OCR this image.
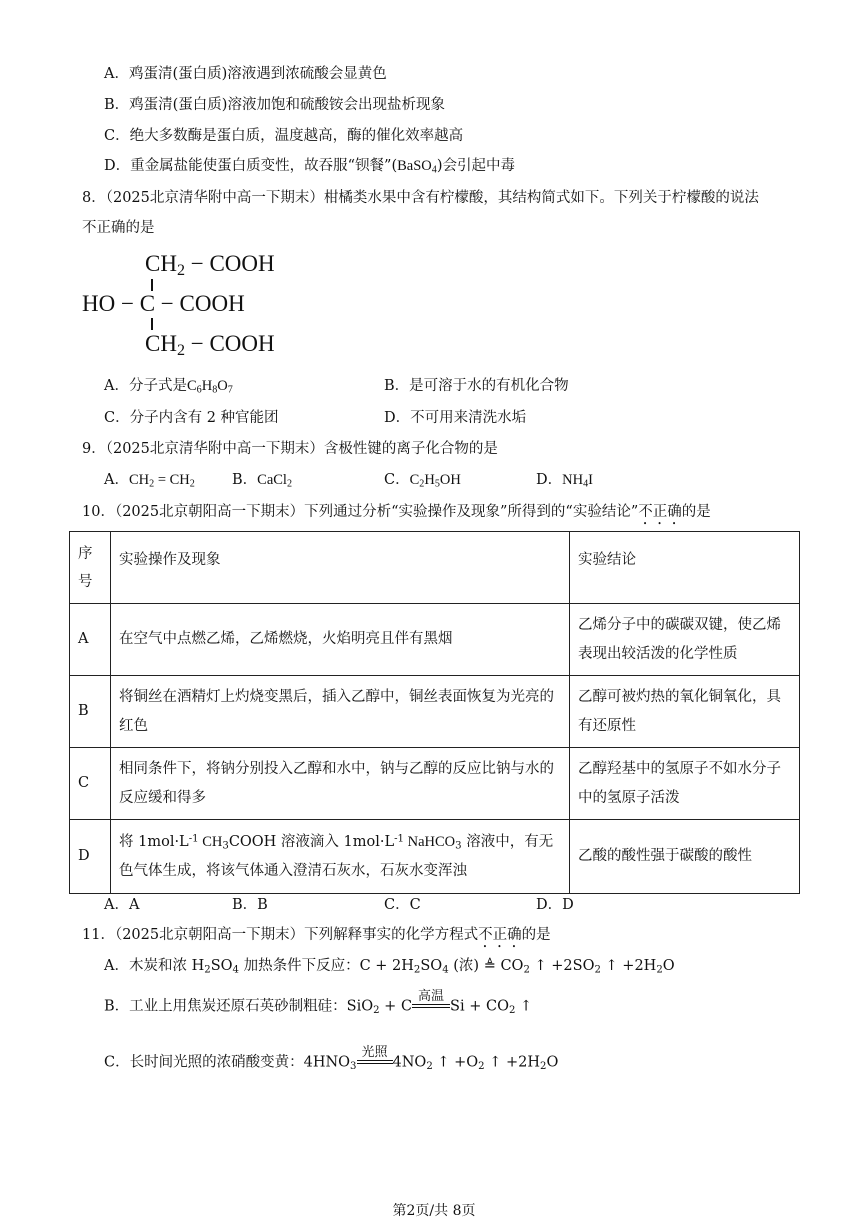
A．鸡蛋清(蛋白质)溶液遇到浓硫酸会显黄色
B．鸡蛋清(蛋白质)溶液加饱和硫酸铵会出现盐析现象
C．绝大多数酶是蛋白质，温度越高，酶的催化效率越高
D．重金属盐能使蛋白质变性，故吞服“钡餐”(BaSO$_4$)会引起中毒
8．（2025北京清华附中高一下期末）柑橘类水果中含有柠檬酸，其结构简式如下。下列关于柠檬酸的说法
不正确的是
$CH_2$ − COOH
HO − C − COOH
$CH_2$ − COOH
A．分子式是$C_6H_8O_7$	B．是可溶于水的有机化合物
C．分子内含有 2 种官能团	D．不可用来清洗水垢
9．（2025北京清华附中高一下期末）含极性键的离子化合物的是
A．$CH_2 = CH_2$	B．CaCl$_2$	C．$C_2H_5OH$	D．$NH_4I$
10．（2025北京朝阳高一下期末）下列通过分析“实验操作及现象”所得到的“实验结论”不正确的是
序号	实验操作及现象	实验结论
A	在空气中点燃乙烯，乙烯燃烧，火焰明亮且伴有黑烟	乙烯分子中的碳碳双键，使乙烯表现出较活泼的化学性质
B	将铜丝在酒精灯上灼烧变黑后，插入乙醇中，铜丝表面恢复为光亮的红色	乙醇可被灼热的氧化铜氧化，具有还原性
C	相同条件下，将钠分别投入乙醇和水中，钠与乙醇的反应比钠与水的反应缓和得多	乙醇羟基中的氢原子不如水分子中的氢原子活泼
D	将 $1mol\cdot L^{-1}$ $CH_3COOH$ 溶液滴入 $1mol\cdot L^{-1}$ NaHCO$_3$ 溶液中，有无色气体生成，将该气体通入澄清石灰水，石灰水变浑浊	乙酸的酸性强于碳酸的酸性
A．A	B．B	C．C	D．D
11．（2025北京朝阳高一下期末）下列解释事实的化学方程式不正确的是
A．木炭和浓 $H_2SO_4$ 加热条件下反应：$C + 2H_2SO_4$ (浓) ≜ $CO_2$ ↑ $+2SO_2$ ↑ $+2H_2O$
B．工业上用焦炭还原石英砂制粗硅：SiO$_2$ + C
高温
$Si + CO_2$ ↑
C．长时间光照的浓硝酸变黄：$4HNO_3$
光照
$4NO_2$ ↑ $+O_2$ ↑ $+2H_2O$
第2页/共 8页
